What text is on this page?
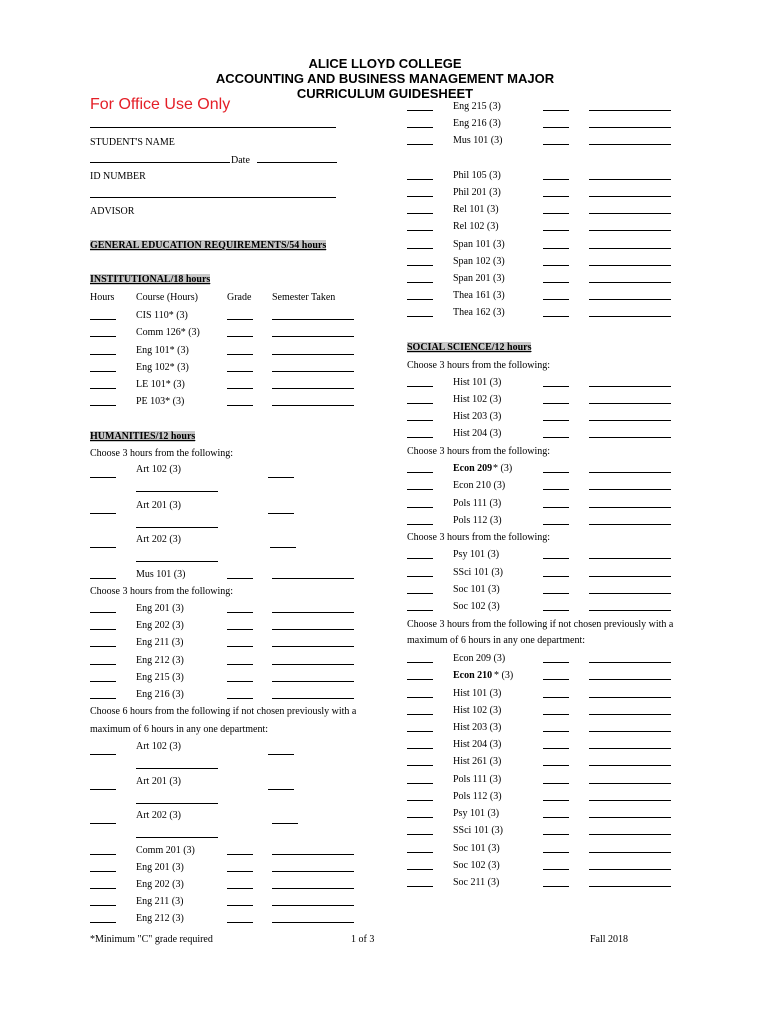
ALICE LLOYD COLLEGE
ACCOUNTING AND BUSINESS MANAGEMENT MAJOR
CURRICULUM GUIDESHEET
For Office Use Only
STUDENT'S NAME
Date
ID NUMBER
ADVISOR
GENERAL EDUCATION REQUIREMENTS/54 hours
INSTITUTIONAL/18 hours
Hours Course (Hours)	Grade Semester Taken
HUMANITIES/12 hours
Choose 3 hours from the following:
Choose 3 hours from the following:
Choose 6 hours from the following if not chosen previously with a
maximum of 6 hours in any one department:
SOCIAL SCIENCE/12 hours
Choose 3 hours from the following:
Choose 3 hours from the following:
Choose 3 hours from the following:
Choose 3 hours from the following if not chosen previously with a
maximum of 6 hours in any one department:
CIS 110* (3)
Comm 126* (3)
Eng 101* (3)
Eng 102* (3)
LE 101* (3)
PE 103* (3)
Art 102 (3)
Art 201 (3)
Art 202 (3)
Mus 101 (3)
Eng 201 (3)
Eng 202 (3)
Eng 211 (3)
Eng 212 (3)
Eng 215 (3)
Eng 216 (3)
Art 102 (3)
Art 201 (3)
Art 202 (3)
Comm 201 (3)
Eng 201 (3)
Eng 202 (3)
Eng 211 (3)
Eng 212 (3)
Eng 215 (3)
Eng 216 (3)
Mus 101 (3)
Phil 105 (3)
Phil 201 (3)
Rel 101 (3)
Rel 102 (3)
Span 101 (3)
Span 102 (3)
Span 201 (3)
Thea 161 (3)
Thea 162 (3)
Hist 101 (3)
Hist 102 (3)
Hist 203 (3)
Hist 204 (3)
Econ 209 * (3)
Econ 210 (3)
Pols 111 (3)
Pols 112 (3)
Psy 101 (3)
SSci 101 (3)
Soc 101 (3)
Soc 102 (3)
Econ 209 (3)
Econ 210 * (3)
Hist 101 (3)
Hist 102 (3)
Hist 203 (3)
Hist 204 (3)
Hist 261 (3)
Pols 111 (3)
Pols 112 (3)
Psy 101 (3)
SSci 101 (3)
Soc 101 (3)
Soc 102 (3)
Soc 211 (3)
*Minimum "C" grade required	1 of 3	Fall 2018
